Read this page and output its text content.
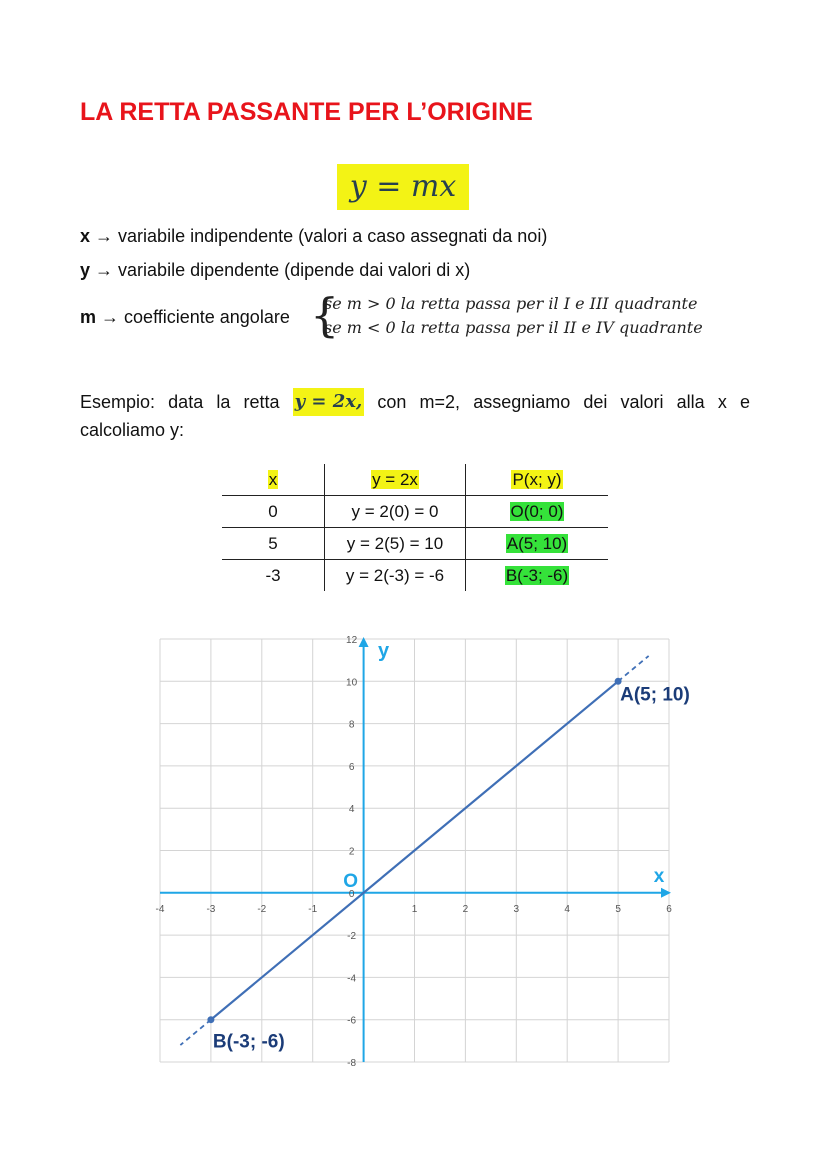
LA RETTA PASSANTE PER L’ORIGINE
y = mx
x → variabile indipendente (valori a caso assegnati da noi)
y → variabile dipendente (dipende dai valori di x)
m → coefficiente angolare {
se m > 0 la retta passa per il I e III quadrante
se m < 0 la retta passa per il II e IV quadrante
Esempio: data la retta y = 2x, con m=2, assegniamo dei valori alla x e
calcoliamo y:
x	y = 2x	P(x; y)
0	y = 2(0) = 0	O(0; 0)
5	y = 2(5) = 10	A(5; 10)
-3	y = 2(-3) = -6	B(-3; -6)
-4	-3	-2	-1	1	2	3	4	5	6
12
10
8
6
4
2
0
-2
-4
-6
-8
y
x
O
A(5; 10)
B(-3; -6)
